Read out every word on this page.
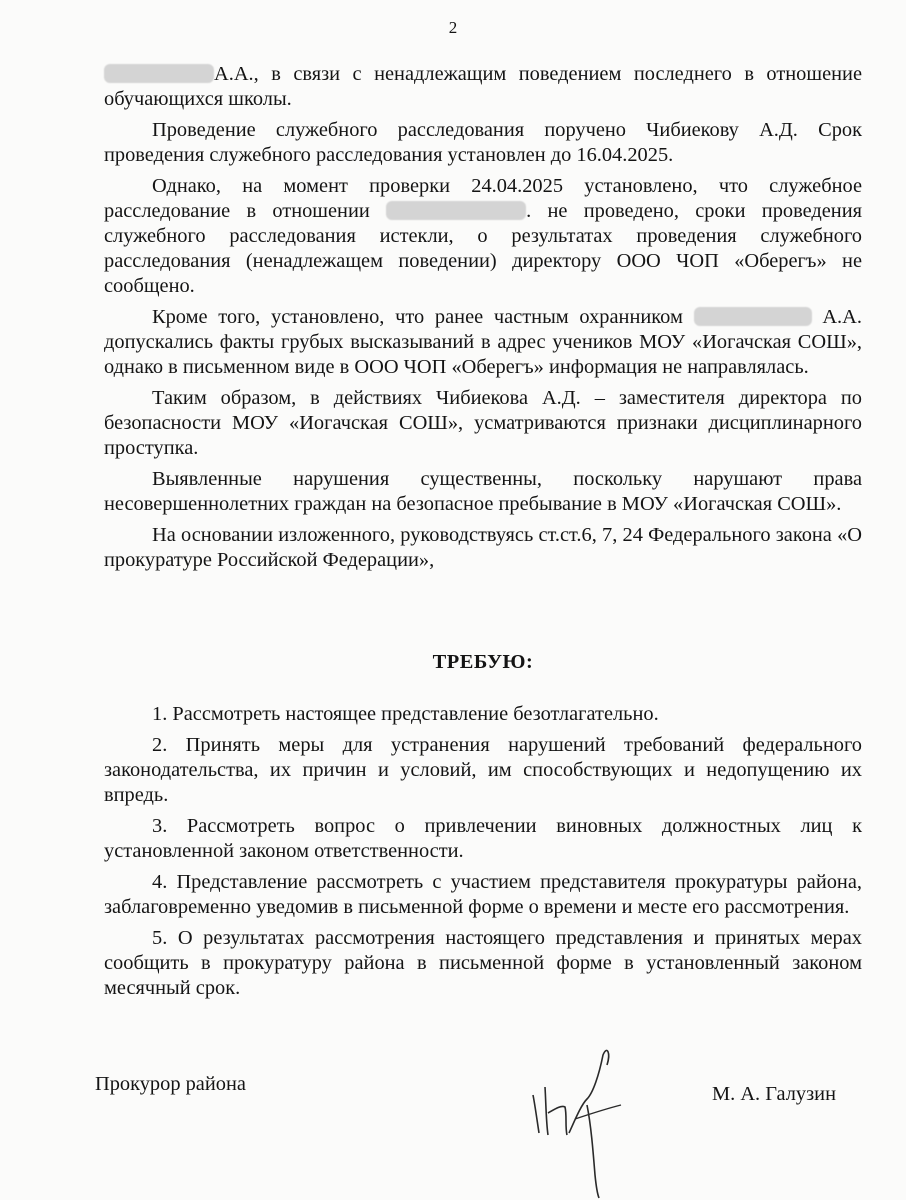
2

А.А., в связи с ненадлежащим поведением последнего в отношение обучающихся школы.

Проведение служебного расследования поручено Чибиекову А.Д. Срок проведения служебного расследования установлен до 16.04.2025.

Однако, на момент проверки 24.04.2025 установлено, что служебное расследование в отношении	. не проведено, сроки проведения служебного расследования истекли, о результатах проведения служебного расследования (ненадлежащем поведении) директору ООО ЧОП «Оберегъ» не сообщено.

Кроме того, установлено, что ранее частным охранником	А.А. допускались факты грубых высказываний в адрес учеников МОУ «Иогачская СОШ», однако в письменном виде в ООО ЧОП «Оберегъ» информация не направлялась.

Таким образом, в действиях Чибиекова А.Д. – заместителя директора по безопасности МОУ «Иогачская СОШ», усматриваются признаки дисциплинарного проступка.

Выявленные нарушения существенны, поскольку нарушают права несовершеннолетних граждан на безопасное пребывание в МОУ «Иогачская СОШ».

На основании изложенного, руководствуясь ст.ст.6, 7, 24 Федерального закона «О прокуратуре Российской Федерации»,

ТРЕБУЮ:

1. Рассмотреть настоящее представление безотлагательно.

2. Принять меры для устранения нарушений требований федерального законодательства, их причин и условий, им способствующих и недопущению их впредь.

3. Рассмотреть вопрос о привлечении виновных должностных лиц к установленной законом ответственности.

4. Представление рассмотреть с участием представителя прокуратуры района, заблаговременно уведомив в письменной форме о времени и месте его рассмотрения.

5. О результатах рассмотрения настоящего представления и принятых мерах сообщить в прокуратуру района в письменной форме в установленный законом месячный срок.

Прокурор района	М. А. Галузин
